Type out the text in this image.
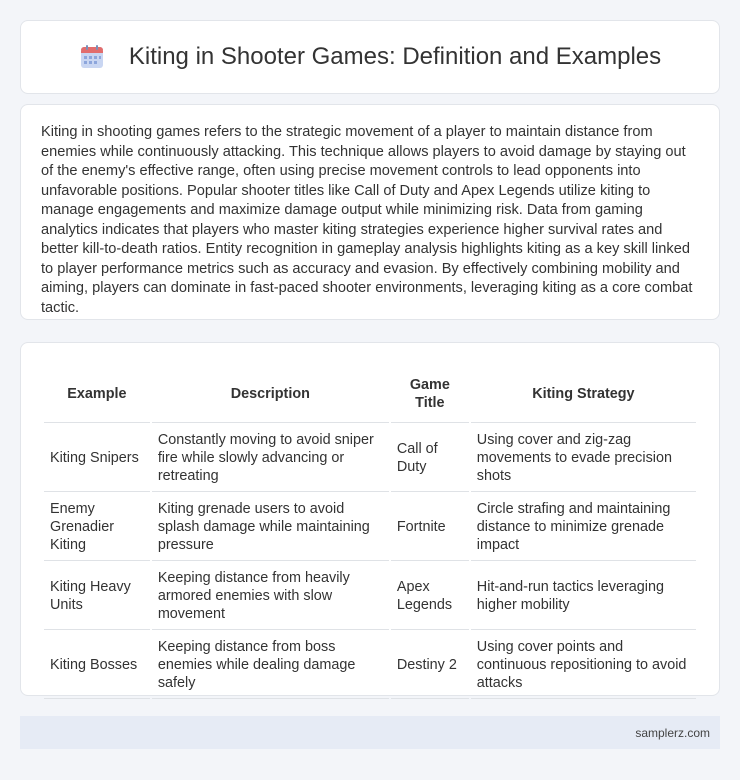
Kiting in Shooter Games: Definition and Examples

Kiting in shooting games refers to the strategic movement of a player to maintain distance from enemies while continuously attacking. This technique allows players to avoid damage by staying out of the enemy's effective range, often using precise movement controls to lead opponents into unfavorable positions. Popular shooter titles like Call of Duty and Apex Legends utilize kiting to manage engagements and maximize damage output while minimizing risk. Data from gaming analytics indicates that players who master kiting strategies experience higher survival rates and better kill-to-death ratios. Entity recognition in gameplay analysis highlights kiting as a key skill linked to player performance metrics such as accuracy and evasion. By effectively combining mobility and aiming, players can dominate in fast-paced shooter environments, leveraging kiting as a core combat tactic.

Example	Description	Game Title	Kiting Strategy
Kiting Snipers	Constantly moving to avoid sniper fire while slowly advancing or retreating	Call of Duty	Using cover and zig-zag movements to evade precision shots
Enemy Grenadier Kiting	Kiting grenade users to avoid splash damage while maintaining pressure	Fortnite	Circle strafing and maintaining distance to minimize grenade impact
Kiting Heavy Units	Keeping distance from heavily armored enemies with slow movement	Apex Legends	Hit-and-run tactics leveraging higher mobility
Kiting Bosses	Keeping distance from boss enemies while dealing damage safely	Destiny 2	Using cover points and continuous repositioning to avoid attacks
samplerz.com
